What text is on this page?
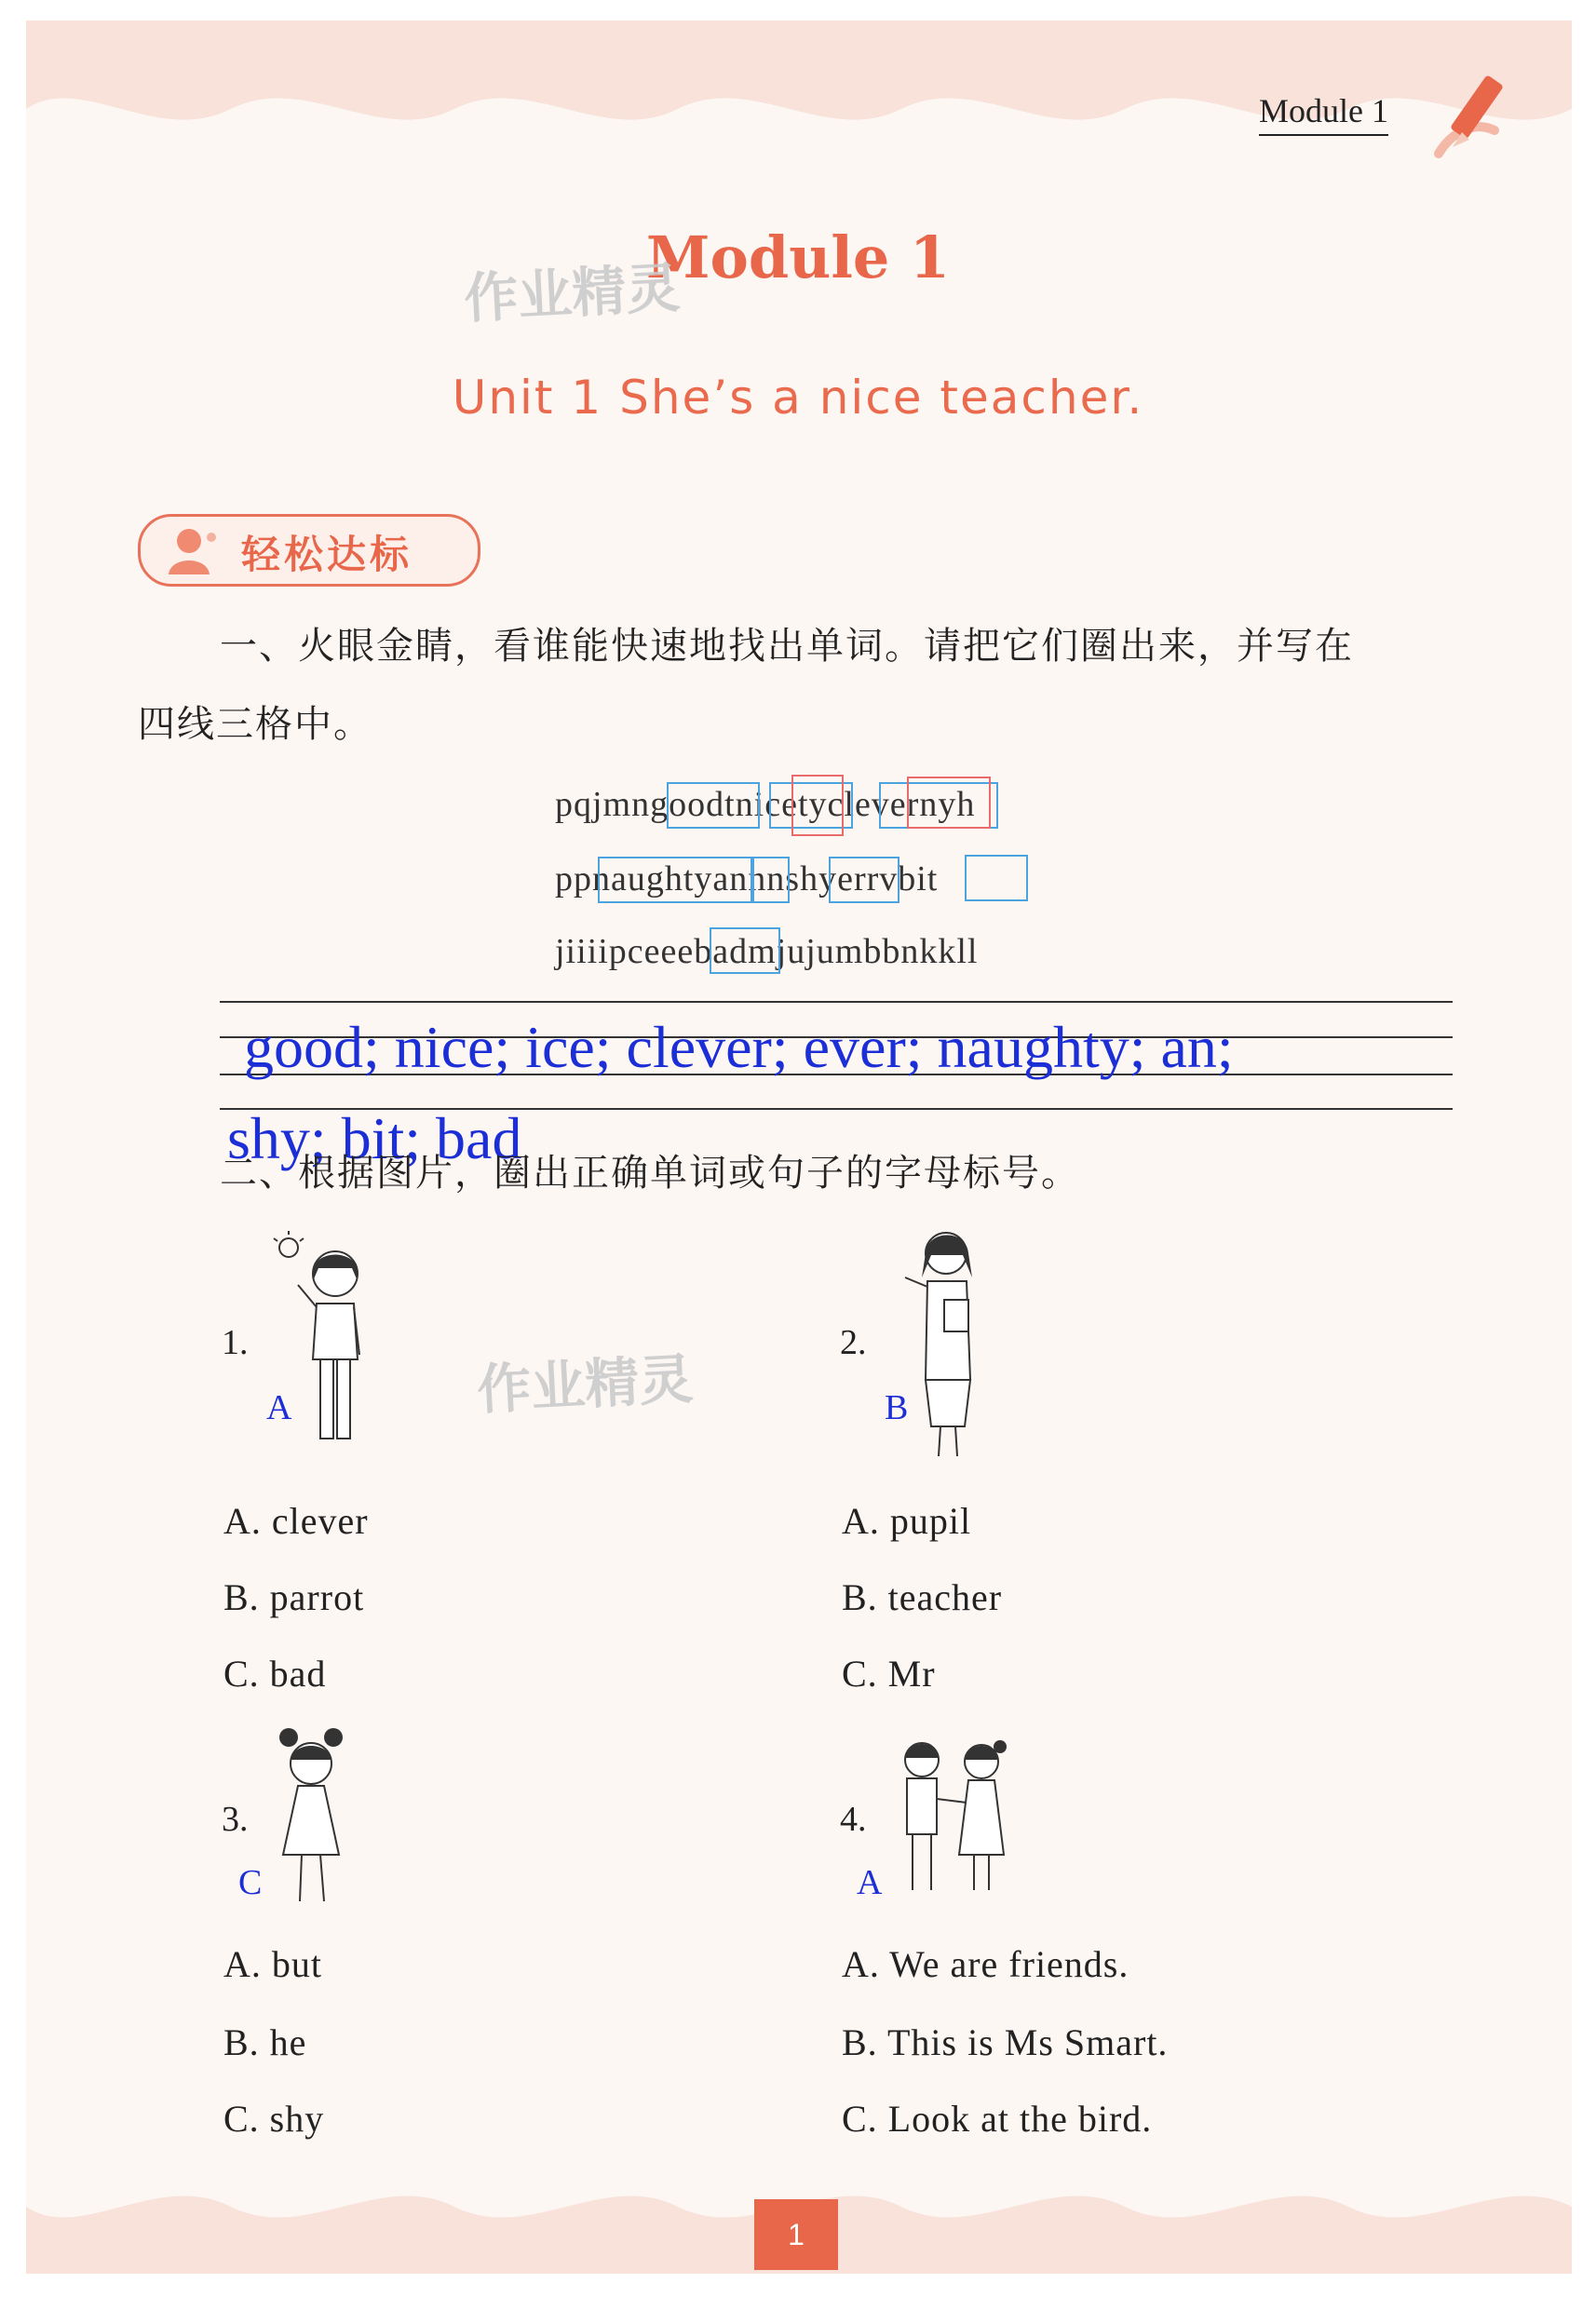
Module 1
Module 1
作业精灵
Unit 1 She’s a nice teacher.
轻松达标
一、火眼金睛，看谁能快速地找出单词。请把它们圈出来，并写在
四线三格中。
pqjmngoodtnicetyclevernyh
ppnaughtyannnshyerrvbit
jiiiipceeebadmjujumbbnkkll
good; nice; ice; clever; ever; naughty; an;
shy; bit; bad
二、根据图片，圈出正确单词或句子的字母标号。
1.
A
A. clever
B. parrot
C. bad
作业精灵
2.
B
A. pupil
B. teacher
C. Mr
3.
C
A. but
B. he
C. shy
4.
A
A. We are friends.
B. This is Ms Smart.
C. Look at the bird.
1
